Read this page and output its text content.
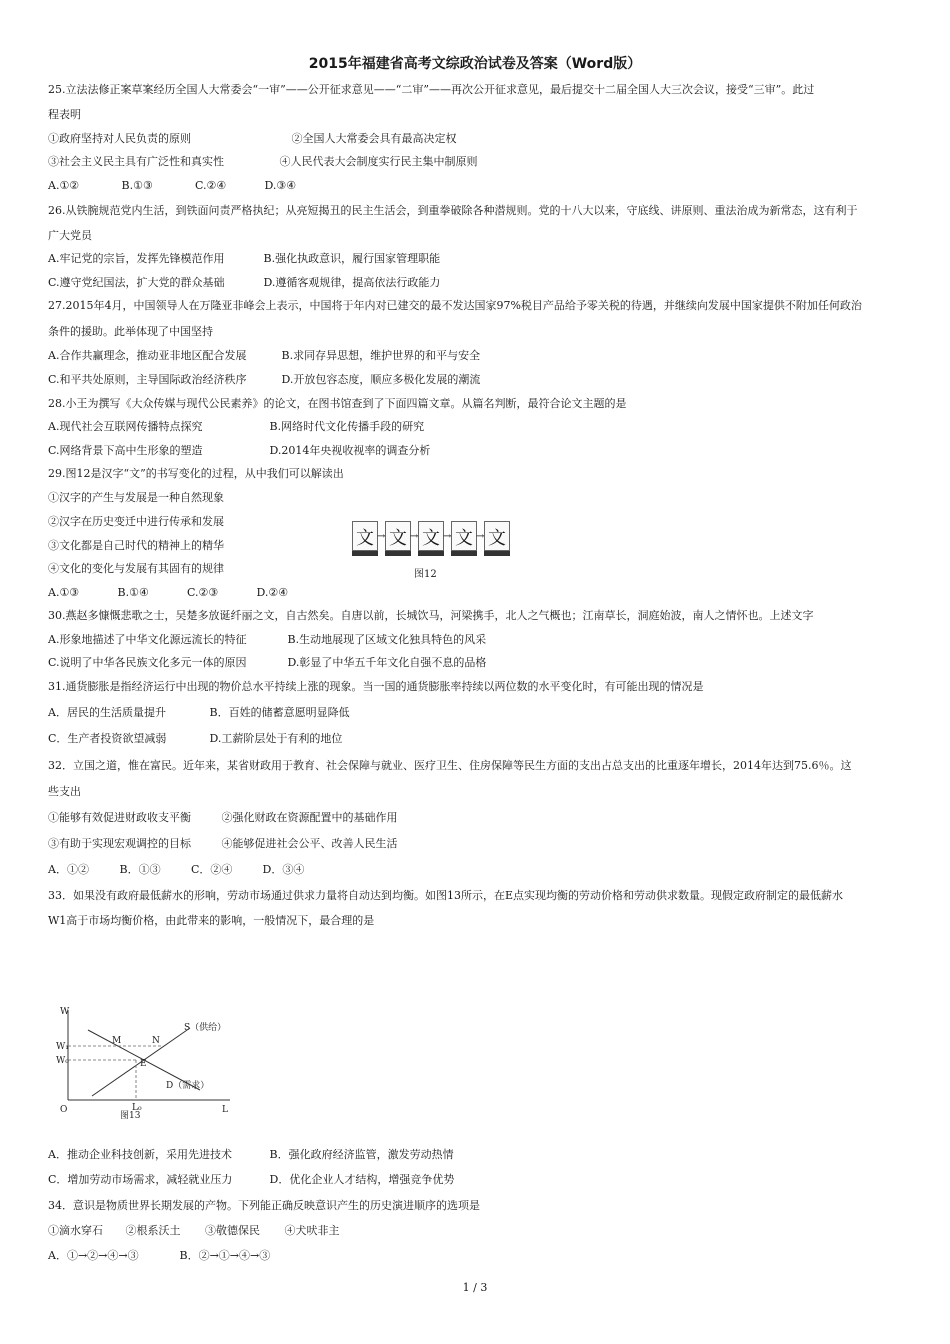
2015年福建省高考文综政治试卷及答案（Word版）
25.立法法修正案草案经历全国人大常委会“一审”——公开征求意见——“二审”——再次公开征求意见，最后提交十二届全国人大三次会议，接受“三审”。此过
程表明
①政府坚持对人民负责的原则	②全国人大常委会具有最高决定权
③社会主义民主具有广泛性和真实性	④人民代表大会制度实行民主集中制原则
A.①②	B.①③	C.②④	D.③④
26.从铁腕规范党内生活，到铁面问责严格执纪；从亮短揭丑的民主生活会，到重拳破除各种潜规则。党的十八大以来，守底线、讲原则、重法治成为新常态，这有利于
广大党员
A.牢记党的宗旨，发挥先锋模范作用	B.强化执政意识，履行国家管理职能
C.遵守党纪国法，扩大党的群众基础	D.遵循客观规律，提高依法行政能力
27.2015年4月，中国领导人在万隆亚非峰会上表示，中国将于年内对已建交的最不发达国家97%税目产品给予零关税的待遇，并继续向发展中国家提供不附加任何政治
条件的援助。此举体现了中国坚持
A.合作共赢理念，推动亚非地区配合发展	B.求同存异思想，维护世界的和平与安全
C.和平共处原则，主导国际政治经济秩序	D.开放包容态度，顺应多极化发展的潮流
28.小王为撰写《大众传媒与现代公民素养》的论文，在图书馆查到了下面四篇文章。从篇名判断，最符合论文主题的是
A.现代社会互联网传播特点探究	B.网络时代文化传播手段的研究
C.网络背景下高中生形象的塑造	D.2014年央视收视率的调查分析
29.图12是汉字“文”的书写变化的过程，从中我们可以解读出
①汉字的产生与发展是一种自然现象
②汉字在历史变迁中进行传承和发展
③文化都是自己时代的精神上的精华
④文化的变化与发展有其固有的规律
A.①③	B.①④	C.②③	D.②④
文 → 文 → 文 → 文 → 文
图12
30.燕赵多慷慨悲歌之士，吴楚多放诞纤丽之文，自古然矣。自唐以前，长城饮马，河梁携手，北人之气概也；江南草长，洞庭始波，南人之情怀也。上述文字
A.形象地描述了中华文化源远流长的特征	B.生动地展现了区域文化独具特色的风采
C.说明了中华各民族文化多元一体的原因	D.彰显了中华五千年文化自强不息的品格
31.通货膨胀是指经济运行中出现的物价总水平持续上涨的现象。当一国的通货膨胀率持续以两位数的水平变化时，有可能出现的情况是
A．居民的生活质量提升	B．百姓的储蓄意愿明显降低
C．生产者投资欲望减弱	D.工薪阶层处于有利的地位
32．立国之道，惟在富民。近年来，某省财政用于教育、社会保障与就业、医疗卫生、住房保障等民生方面的支出占总支出的比重逐年增长，2014年达到75.6％。这
些支出
①能够有效促进财政收支平衡	②强化财政在资源配置中的基础作用
③有助于实现宏观调控的目标	④能够促进社会公平、改善人民生活
A．①②	B．①③	C．②④	D．③④
33．如果没有政府最低薪水的形响，劳动市场通过供求力量将自动达到均衡。如图13所示，在E点实现均衡的劳动价格和劳动供求数量。现假定政府制定的最低薪水
W1高于市场均衡价格，由此带来的影响，一般情况下，最合理的是
W
L
O
W₁
W₀
L₀
M	N
E
S（供给）
D（需求）
图13
A．推动企业科技创新，采用先进技术	B．强化政府经济监管，激发劳动热情
C．增加劳动市场需求，减轻就业压力	D．优化企业人才结构，增强竞争优势
34．意识是物质世界长期发展的产物。下列能正确反映意识产生的历史演进顺序的选项是
①滴水穿石 ②根系沃土 ③敬德保民 ④犬吠非主
A．①→②→④→③	B．②→①→④→③
1 / 3
